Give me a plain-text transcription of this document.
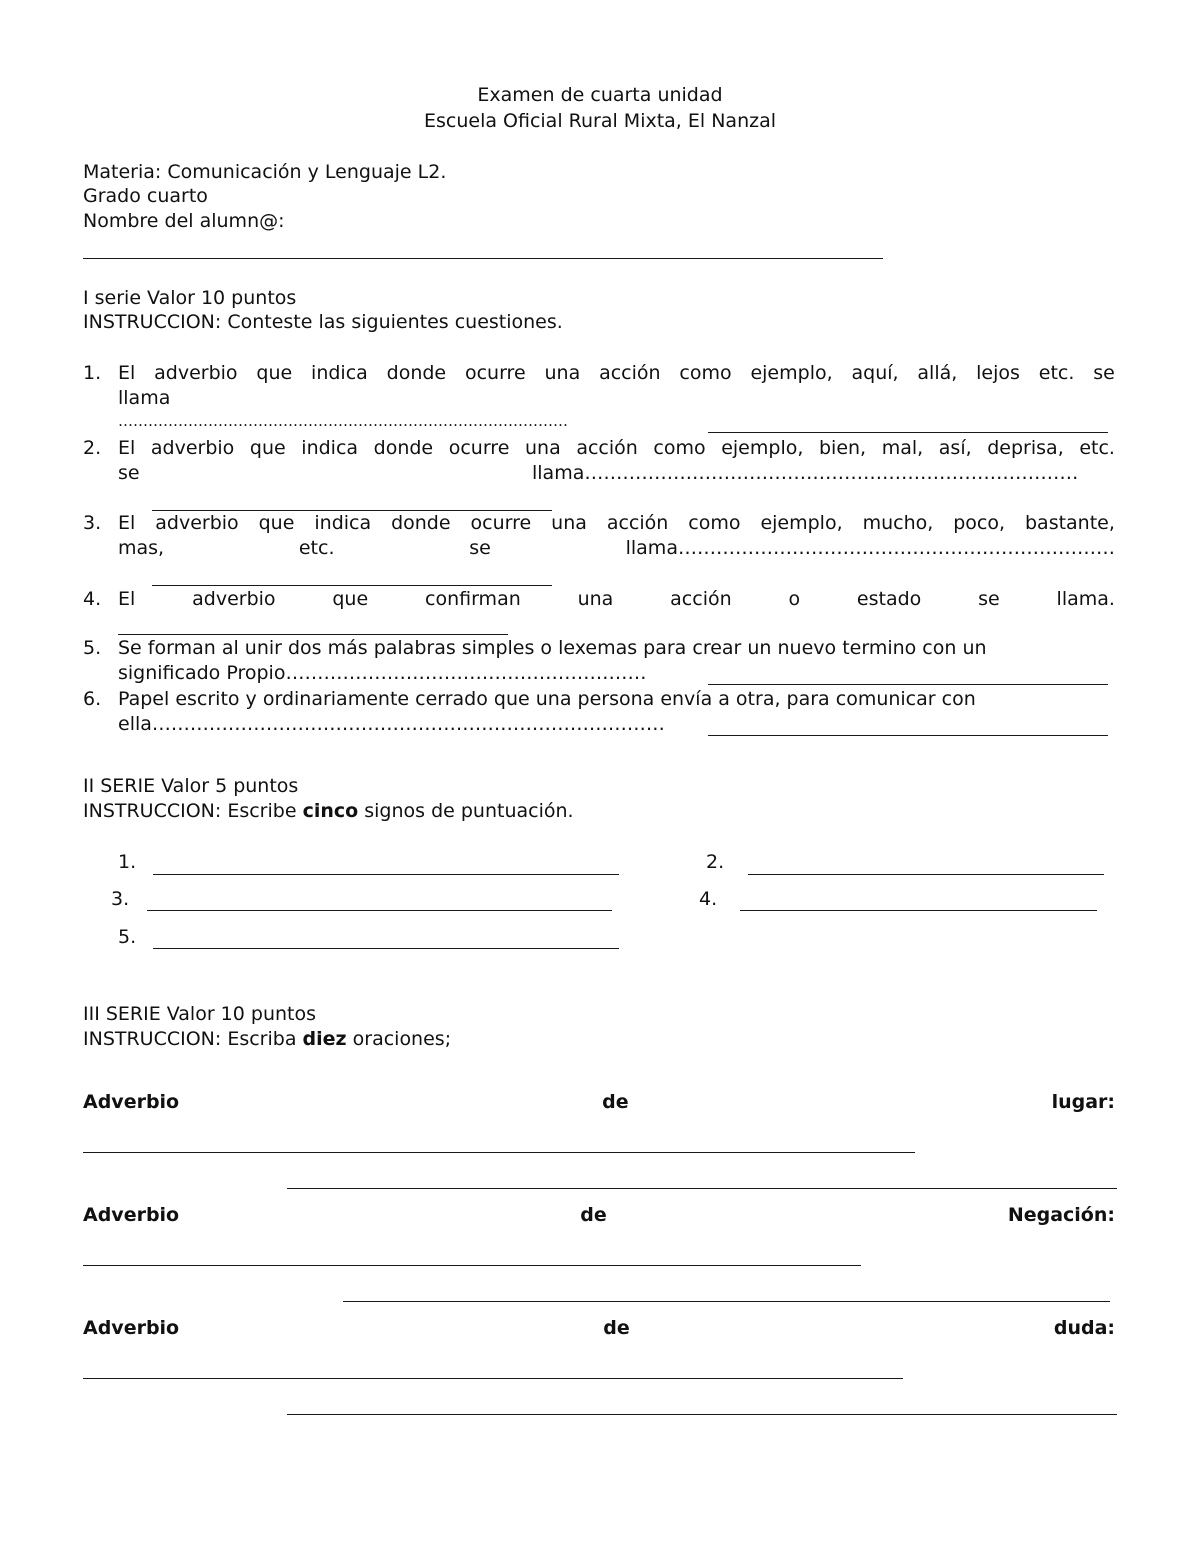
Examen de cuarta unidad
Escuela Oficial Rural Mixta, El Nanzal
Materia: Comunicación y Lenguaje L2.
Grado cuarto
Nombre del alumn@:
I serie Valor 10 puntos
INSTRUCCION: Conteste las siguientes cuestiones.
1. El adverbio que indica donde ocurre una acción como ejemplo, aquí, allá, lejos etc. se
llama
………………………………………………………………………………
2. El adverbio que indica donde ocurre una acción como ejemplo, bien, mal, así, deprisa, etc.
se	llama……………………………………………………………………
3. El adverbio que indica donde ocurre una acción como ejemplo, mucho, poco, bastante,
mas,	etc.	se	llama……………………………………………………………
4. El	adverbio	que	confirman	una	acción	o	estado	se	llama.
5. Se forman al unir dos más palabras simples o lexemas para crear un nuevo termino con un
significado Propio…………………………………………………
6. Papel escrito y ordinariamente cerrado que una persona envía a otra, para comunicar con
ella………………………………………………………………………
II SERIE Valor 5 puntos
INSTRUCCION: Escribe cinco signos de puntuación.
1.	2.
3.	4.
5.
III SERIE Valor 10 puntos
INSTRUCCION: Escriba diez oraciones;
Adverbio	de	lugar:
Adverbio	de	Negación:
Adverbio	de	duda:
